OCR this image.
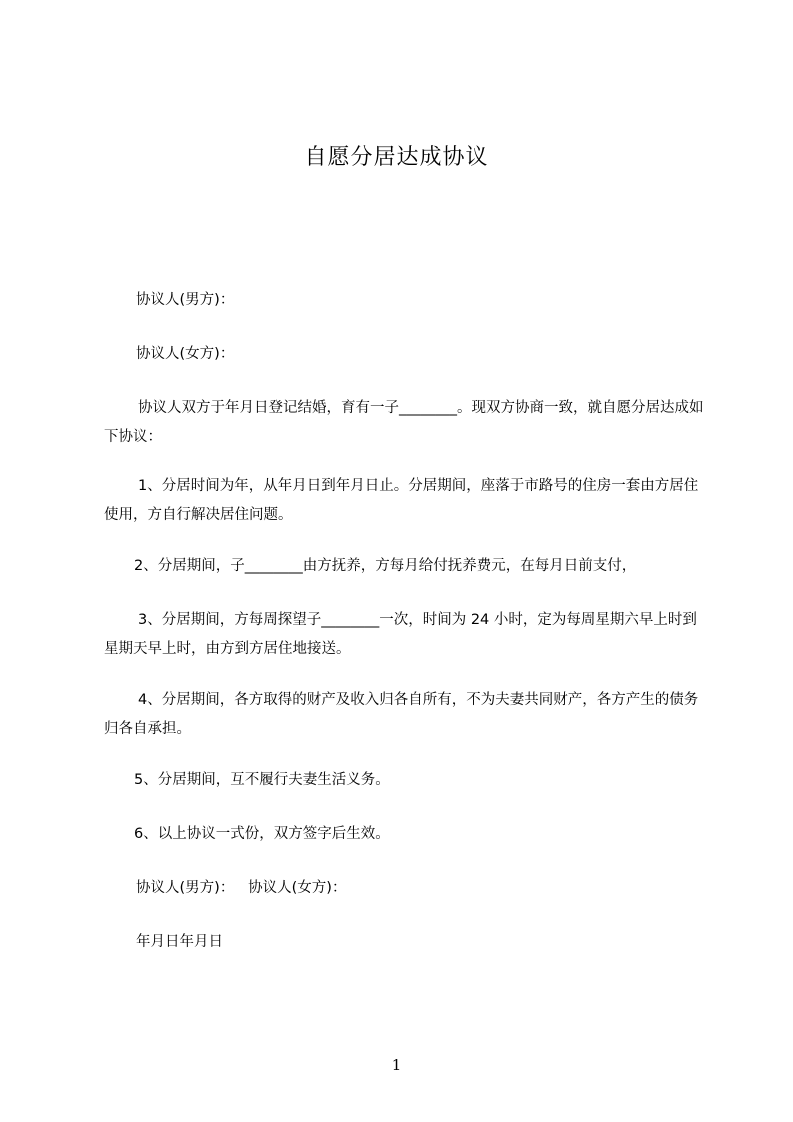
自愿分居达成协议

协议人(男方)：

协议人(女方)：

协议人双方于年月日登记结婚，育有一子________。现双方协商一致，就自愿分居达成如下协议：

1、分居时间为年，从年月日到年月日止。分居期间，座落于市路号的住房一套由方居住使用，方自行解决居住问题。

2、分居期间，子________由方抚养，方每月给付抚养费元，在每月日前支付，

3、分居期间，方每周探望子________一次，时间为 24 小时，定为每周星期六早上时到星期天早上时，由方到方居住地接送。

4、分居期间，各方取得的财产及收入归各自所有，不为夫妻共同财产，各方产生的债务归各自承担。

5、分居期间，互不履行夫妻生活义务。

6、以上协议一式份，双方签字后生效。

协议人(男方)：   协议人(女方)：

年月日年月日

1
